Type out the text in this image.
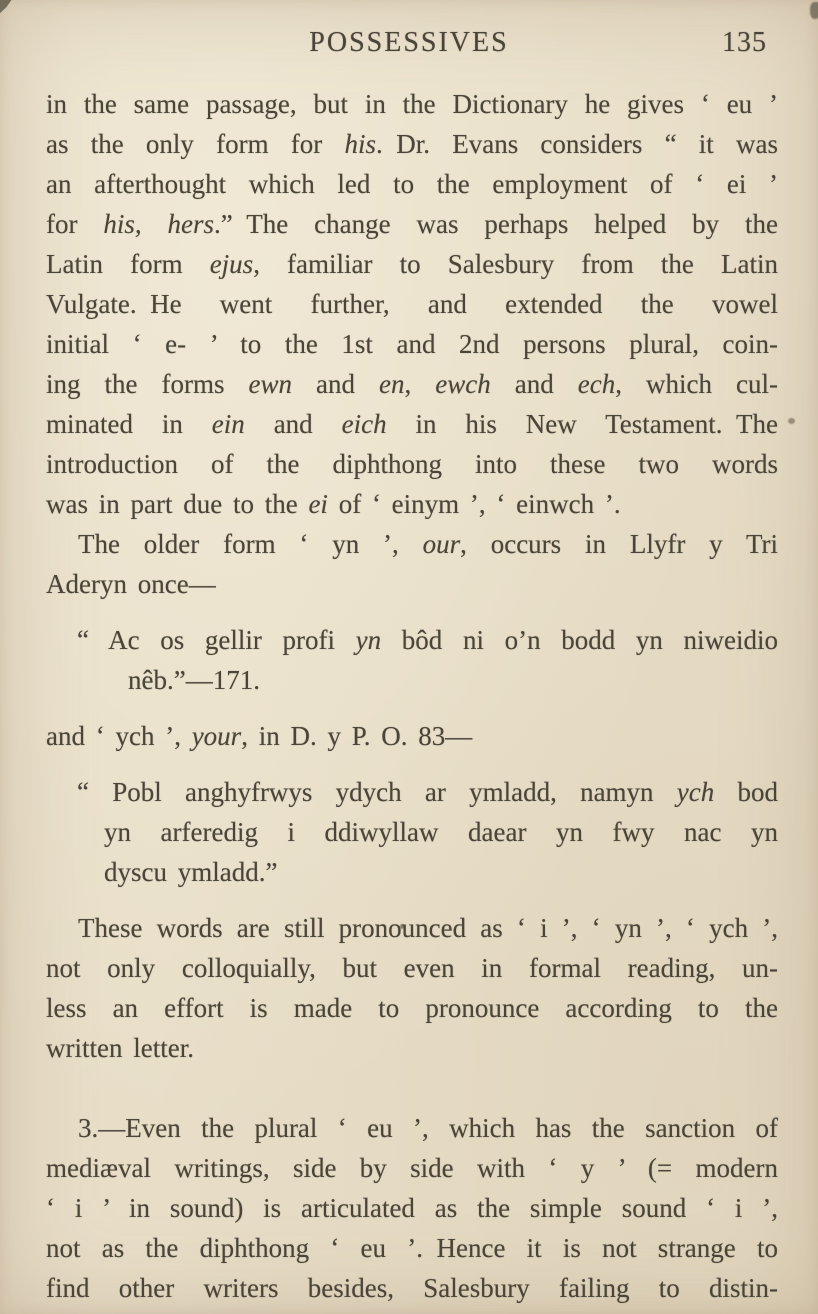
POSSESSIVES	135
in the same passage, but in the Dictionary he gives ‘ eu ’
as the only form for his. Dr. Evans considers “ it was
an afterthought which led to the employment of ‘ ei ’
for his, hers.” The change was perhaps helped by the
Latin form ejus, familiar to Salesbury from the Latin
Vulgate. He went further, and extended the vowel
initial ‘ e- ’ to the 1st and 2nd persons plural, coin-
ing the forms ewn and en, ewch and ech, which cul-
minated in ein and eich in his New Testament. The
introduction of the diphthong into these two words
was in part due to the ei of ‘ einym ’, ‘ einwch ’.
The older form ‘ yn ’, our, occurs in Llyfr y Tri
Aderyn once—
“ Ac os gellir profi yn bôd ni o’n bodd yn niweidio
nêb.”—171.
and ‘ ych ’, your, in D. y P. O. 83—
“ Pobl anghyfrwys ydych ar ymladd, namyn ych bod
yn arferedig i ddiwyllaw daear yn fwy nac yn
dyscu ymladd.”
These words are still pronounced as ‘ i ’, ‘ yn ’, ‘ ych ’,
not only colloquially, but even in formal reading, un-
less an effort is made to pronounce according to the
written letter.
3.—Even the plural ‘ eu ’, which has the sanction of
mediæval writings, side by side with ‘ y ’ (= modern
‘ i ’ in sound) is articulated as the simple sound ‘ i ’,
not as the diphthong ‘ eu ’. Hence it is not strange to
find other writers besides, Salesbury failing to distin-
